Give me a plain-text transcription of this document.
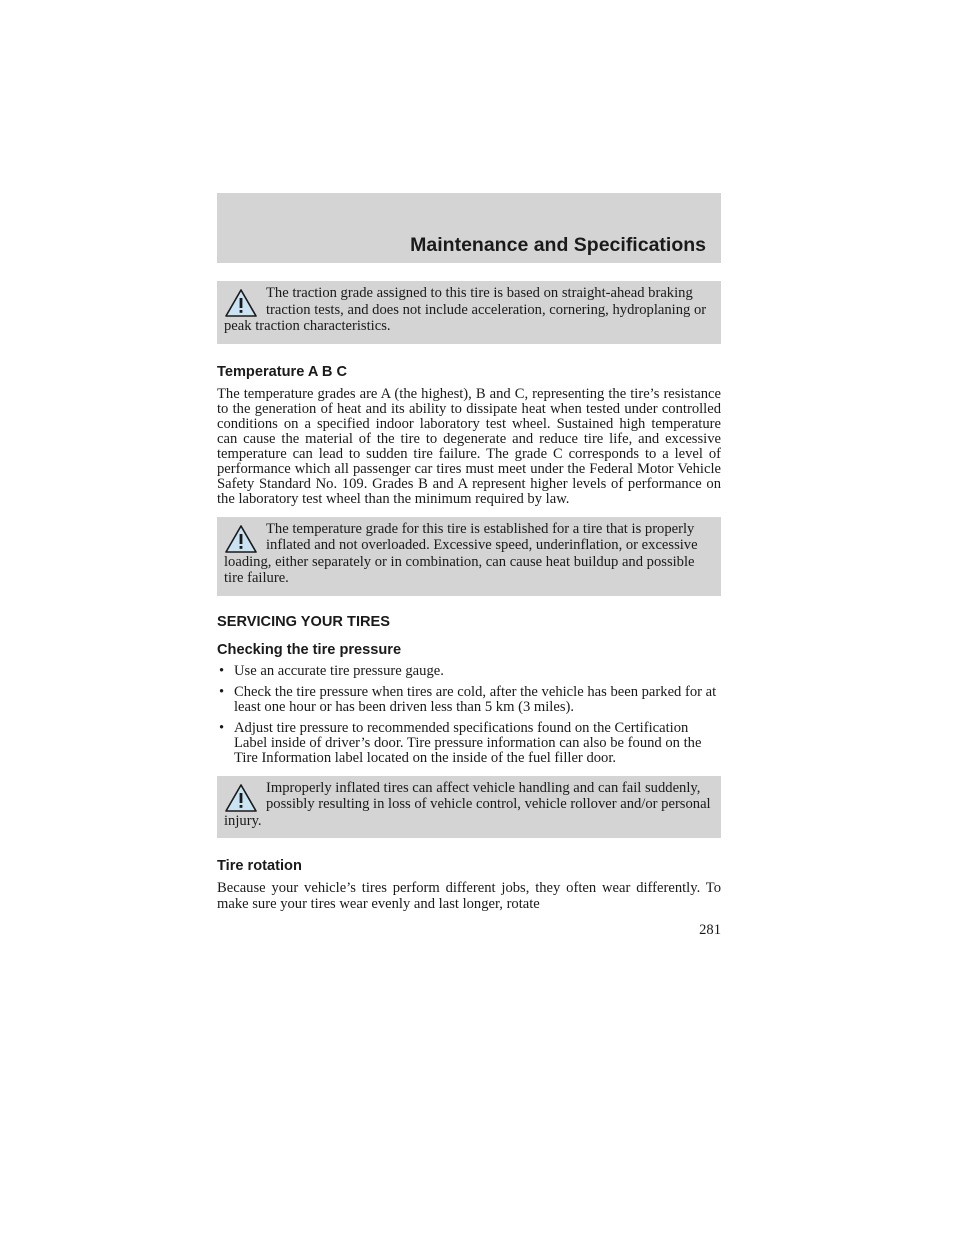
Maintenance and Specifications
The traction grade assigned to this tire is based on straight-ahead braking traction tests, and does not include acceleration, cornering, hydroplaning or peak traction characteristics.
Temperature A B C

The temperature grades are A (the highest), B and C, representing the tire’s resistance to the generation of heat and its ability to dissipate heat when tested under controlled conditions on a specified indoor laboratory test wheel. Sustained high temperature can cause the material of the tire to degenerate and reduce tire life, and excessive temperature can lead to sudden tire failure. The grade C corresponds to a level of performance which all passenger car tires must meet under the Federal Motor Vehicle Safety Standard No. 109. Grades B and A represent higher levels of performance on the laboratory test wheel than the minimum required by law.

The temperature grade for this tire is established for a tire that is properly inflated and not overloaded. Excessive speed, underinflation, or excessive loading, either separately or in combination, can cause heat buildup and possible tire failure.
SERVICING YOUR TIRES
Checking the tire pressure
• Use an accurate tire pressure gauge.
• Check the tire pressure when tires are cold, after the vehicle has been parked for at least one hour or has been driven less than 5 km (3 miles).
• Adjust tire pressure to recommended specifications found on the Certification Label inside of driver’s door. Tire pressure information can also be found on the Tire Information label located on the inside of the fuel filler door.
Improperly inflated tires can affect vehicle handling and can fail suddenly, possibly resulting in loss of vehicle control, vehicle rollover and/or personal injury.
Tire rotation

Because your vehicle’s tires perform different jobs, they often wear differently. To make sure your tires wear evenly and last longer, rotate

281
